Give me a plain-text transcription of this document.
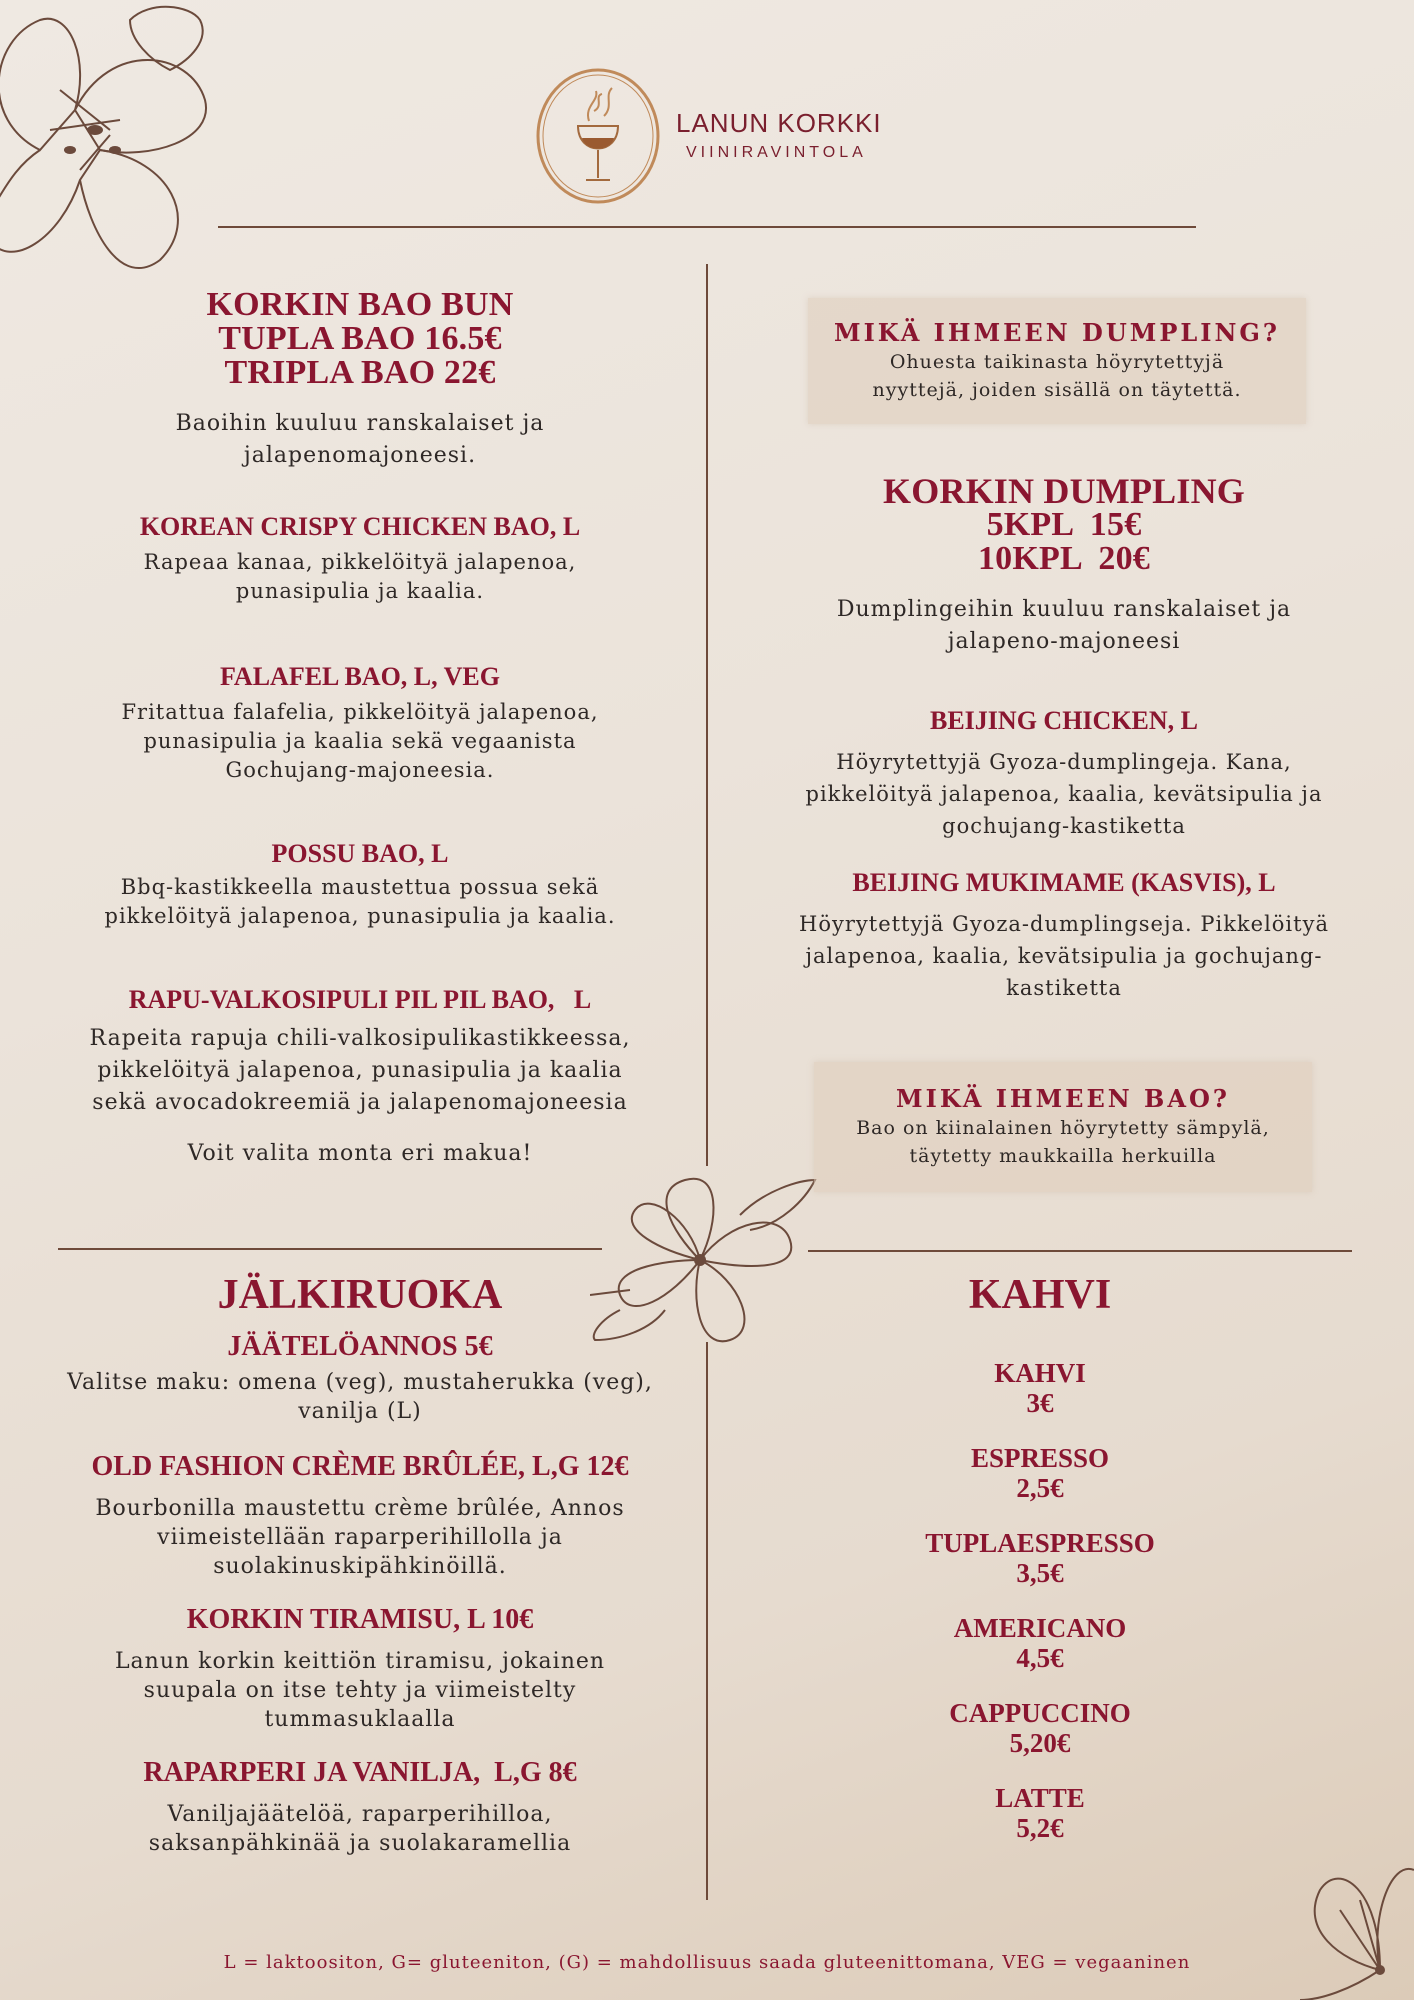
LANUN KORKKI
VIINIRAVINTOLA
KORKIN BAO BUN
TUPLA BAO 16.5€
TRIPLA BAO 22€
Baoihin kuuluu ranskalaiset ja
jalapenomajoneesi.
KOREAN CRISPY CHICKEN BAO, L
Rapeaa kanaa, pikkelöityä jalapenoa,
punasipulia ja kaalia.
FALAFEL BAO, L, VEG
Fritattua falafelia, pikkelöityä jalapenoa,
punasipulia ja kaalia sekä vegaanista
Gochujang-majoneesia.
POSSU BAO, L
Bbq-kastikkeella maustettua possua sekä
pikkelöityä jalapenoa, punasipulia ja kaalia.
RAPU-VALKOSIPULI PIL PIL BAO,   L
Rapeita rapuja chili-valkosipulikastikkeessa,
pikkelöityä jalapenoa, punasipulia ja kaalia
sekä avocadokreemiä ja jalapenomajoneesia
Voit valita monta eri makua!
MIKÄ IHMEEN DUMPLING?
Ohuesta taikinasta höyrytettyjä
nyyttejä, joiden sisällä on täytettä.
KORKIN DUMPLING
5KPL  15€
10KPL  20€
Dumplingeihin kuuluu ranskalaiset ja
jalapeno-majoneesi
BEIJING CHICKEN, L
Höyrytettyjä Gyoza-dumplingeja. Kana,
pikkelöityä jalapenoa, kaalia, kevätsipulia ja
gochujang-kastiketta
BEIJING MUKIMAME (KASVIS), L
Höyrytettyjä Gyoza-dumplingseja. Pikkelöityä
jalapenoa, kaalia, kevätsipulia ja gochujang-
kastiketta
MIKÄ IHMEEN BAO?
Bao on kiinalainen höyrytetty sämpylä,
täytetty maukkailla herkuilla
JÄLKIRUOKA
JÄÄTELÖANNOS 5€
Valitse maku: omena (veg), mustaherukka (veg),
vanilja (L)
OLD FASHION CRÈME BRÛLÉE, L,G 12€
Bourbonilla maustettu crème brûlée, Annos
viimeistellään raparperihillolla ja
suolakinuskipähkinöillä.
KORKIN TIRAMISU, L 10€
Lanun korkin keittiön tiramisu, jokainen
suupala on itse tehty ja viimeistelty
tummasuklaalla
RAPARPERI JA VANILJA,  L,G 8€
Vaniljajäätelöä, raparperihilloa,
saksanpähkinää ja suolakaramellia
KAHVI
KAHVI
3€
ESPRESSO
2,5€
TUPLAESPRESSO
3,5€
AMERICANO
4,5€
CAPPUCCINO
5,20€
LATTE
5,2€
L = laktoositon, G= gluteeniton, (G) = mahdollisuus saada gluteenittomana, VEG = vegaaninen
